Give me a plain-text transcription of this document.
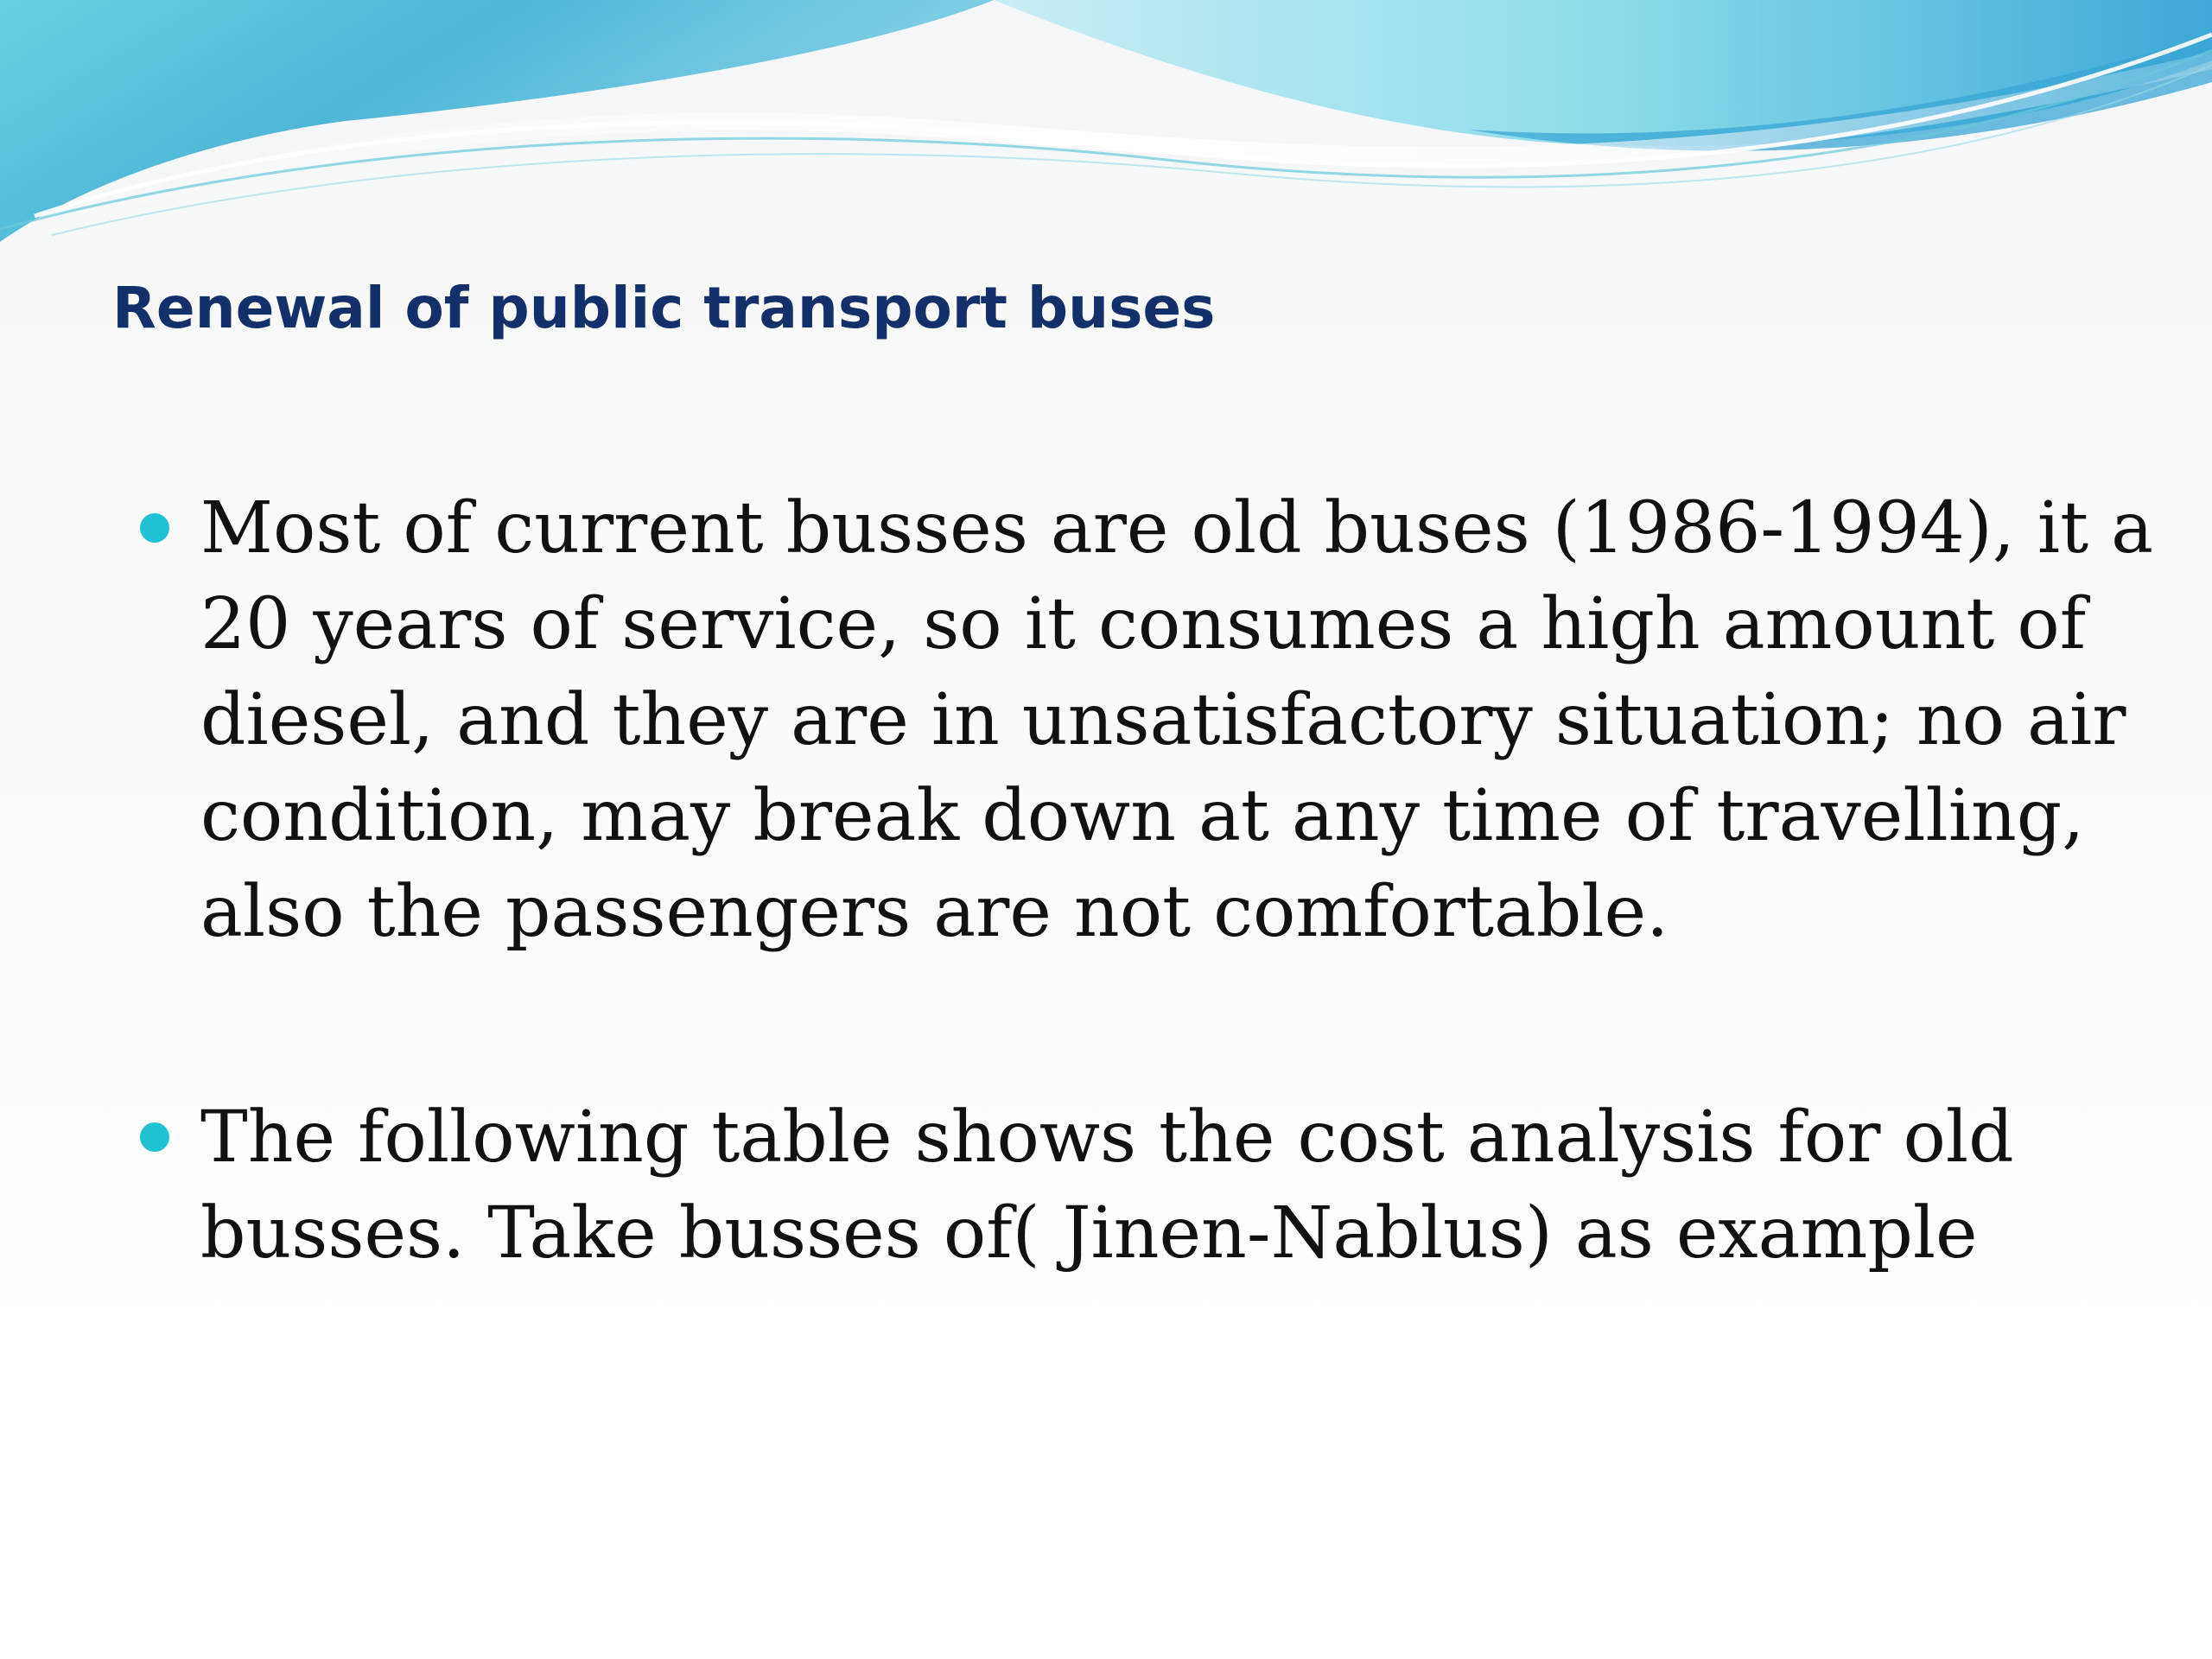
Renewal of public transport buses
Most of current busses are old buses (1986-1994), it a
20 years of service, so it consumes a high amount of
diesel, and they are in unsatisfactory situation; no air
condition, may break down at any time of travelling,
also the passengers are not comfortable.
The following table shows the cost analysis for old
busses. Take busses of( Jinen-Nablus) as example
